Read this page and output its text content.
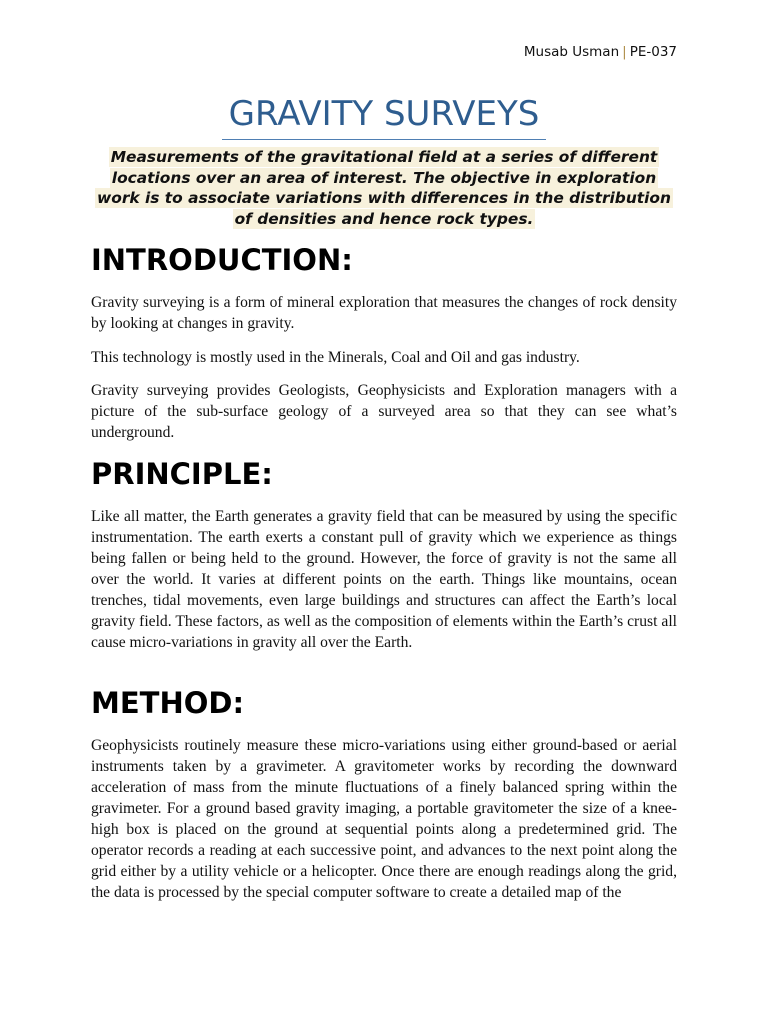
Musab Usman | PE-037
GRAVITY SURVEYS

Measurements of the gravitational field at a series of different locations over an area of interest. The objective in exploration work is to associate variations with differences in the distribution of densities and hence rock types.

INTRODUCTION:

Gravity surveying is a form of mineral exploration that measures the changes of rock density by looking at changes in gravity.

This technology is mostly used in the Minerals, Coal and Oil and gas industry.

Gravity surveying provides Geologists, Geophysicists and Exploration managers with a picture of the sub-surface geology of a surveyed area so that they can see what’s underground.

PRINCIPLE:

Like all matter, the Earth generates a gravity field that can be measured by using the specific instrumentation. The earth exerts a constant pull of gravity which we experience as things being fallen or being held to the ground. However, the force of gravity is not the same all over the world. It varies at different points on the earth. Things like mountains, ocean trenches, tidal movements, even large buildings and structures can affect the Earth’s local gravity field. These factors, as well as the composition of elements within the Earth’s crust all cause micro-variations in gravity all over the Earth.

METHOD:

Geophysicists routinely measure these micro-variations using either ground-based or aerial instruments taken by a gravimeter. A gravitometer works by recording the downward acceleration of mass from the minute fluctuations of a finely balanced spring within the gravimeter. For a ground based gravity imaging, a portable gravitometer the size of a knee-high box is placed on the ground at sequential points along a predetermined grid. The operator records a reading at each successive point, and advances to the next point along the grid either by a utility vehicle or a helicopter. Once there are enough readings along the grid, the data is processed by the special computer software to create a detailed map of the
